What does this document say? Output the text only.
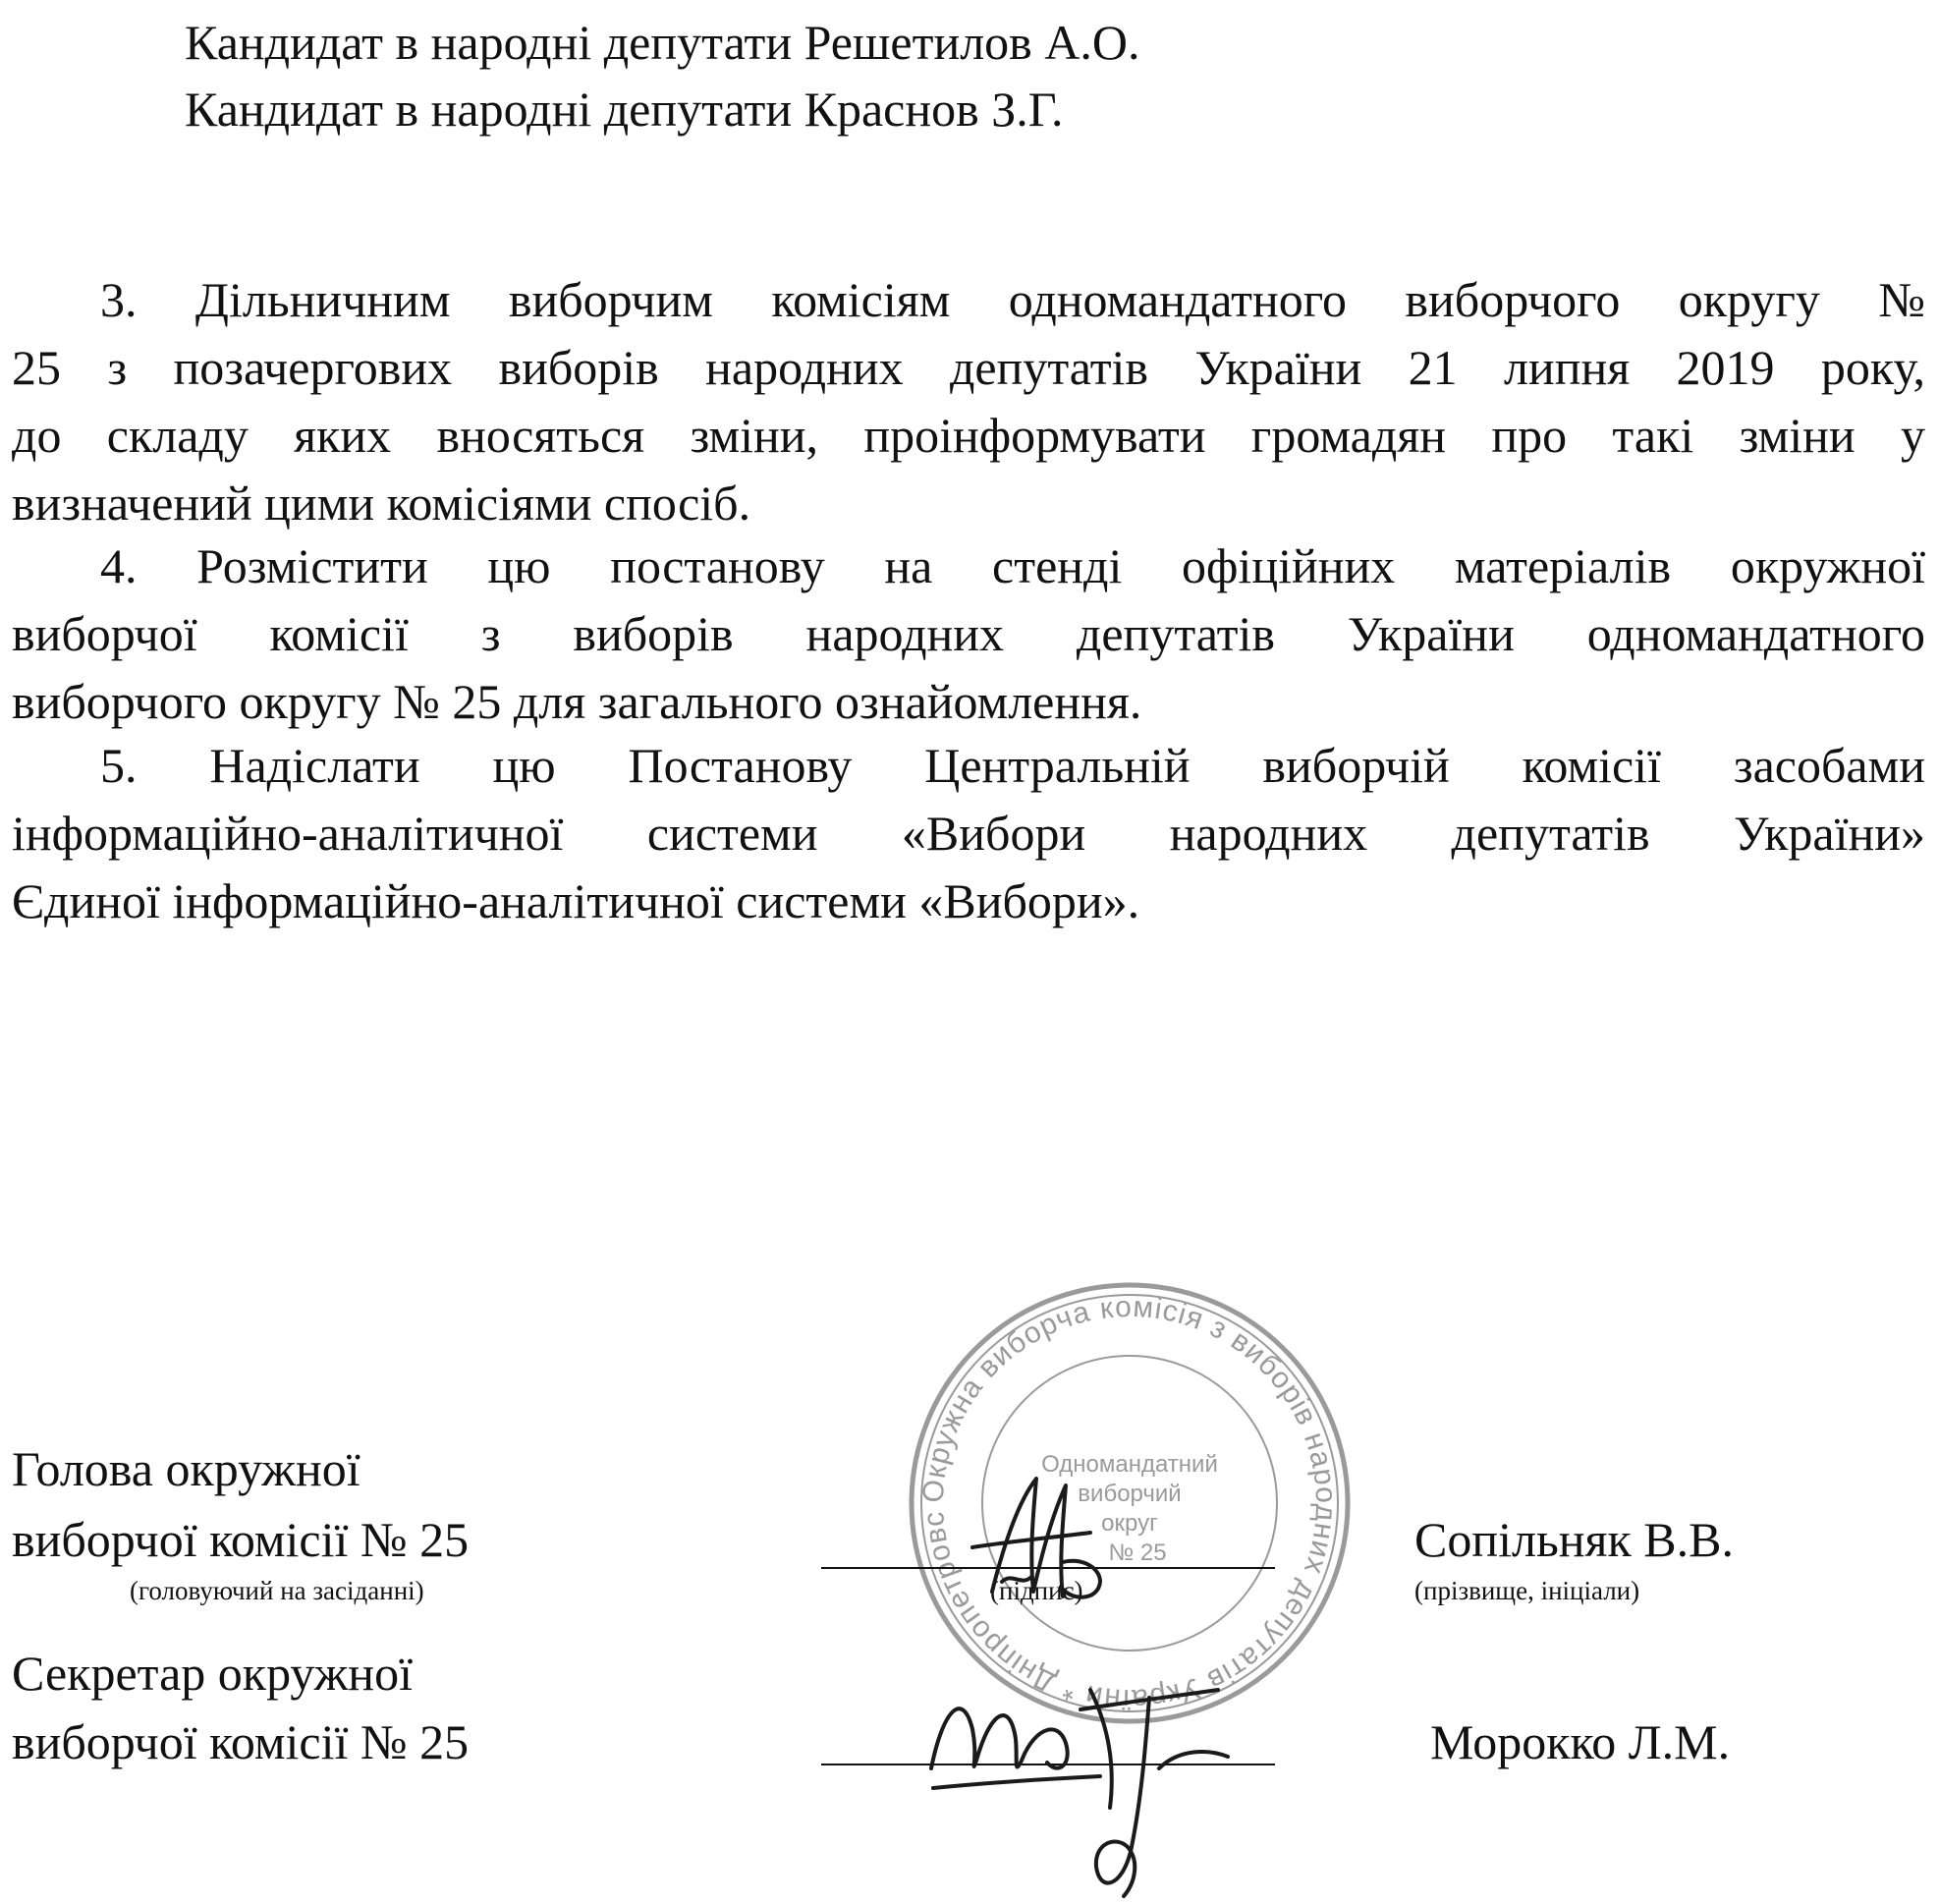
Кандидат в народні депутати Решетилов А.О.
Кандидат в народні депутати Краснов З.Г.
3. Дільничним виборчим комісіям одномандатного виборчого округу №
25 з позачергових виборів народних депутатів України 21 липня 2019 року,
до складу яких вносяться зміни, проінформувати громадян про такі зміни у
визначений цими комісіями спосіб.
4. Розмістити цю постанову на стенді офіційних матеріалів окружної
виборчої комісії з виборів народних депутатів України одномандатного
виборчого округу № 25 для загального ознайомлення.
5. Надіслати цю Постанову Центральній виборчій комісії засобами
інформаційно-аналітичної системи «Вибори народних депутатів України»
Єдиної інформаційно-аналітичної системи «Вибори».
Окружна виборча комісія з виборів народних депутатів України * Дніпропетровська область *
Одномандатний
виборчий
округ
№ 25
Голова окружної
виборчої комісії № 25
(головуючий на засіданні)	(підпис)
Сопільняк В.В.
(прізвище, ініціали)
Секретар окружної
виборчої комісії № 25	Морокко Л.М.
